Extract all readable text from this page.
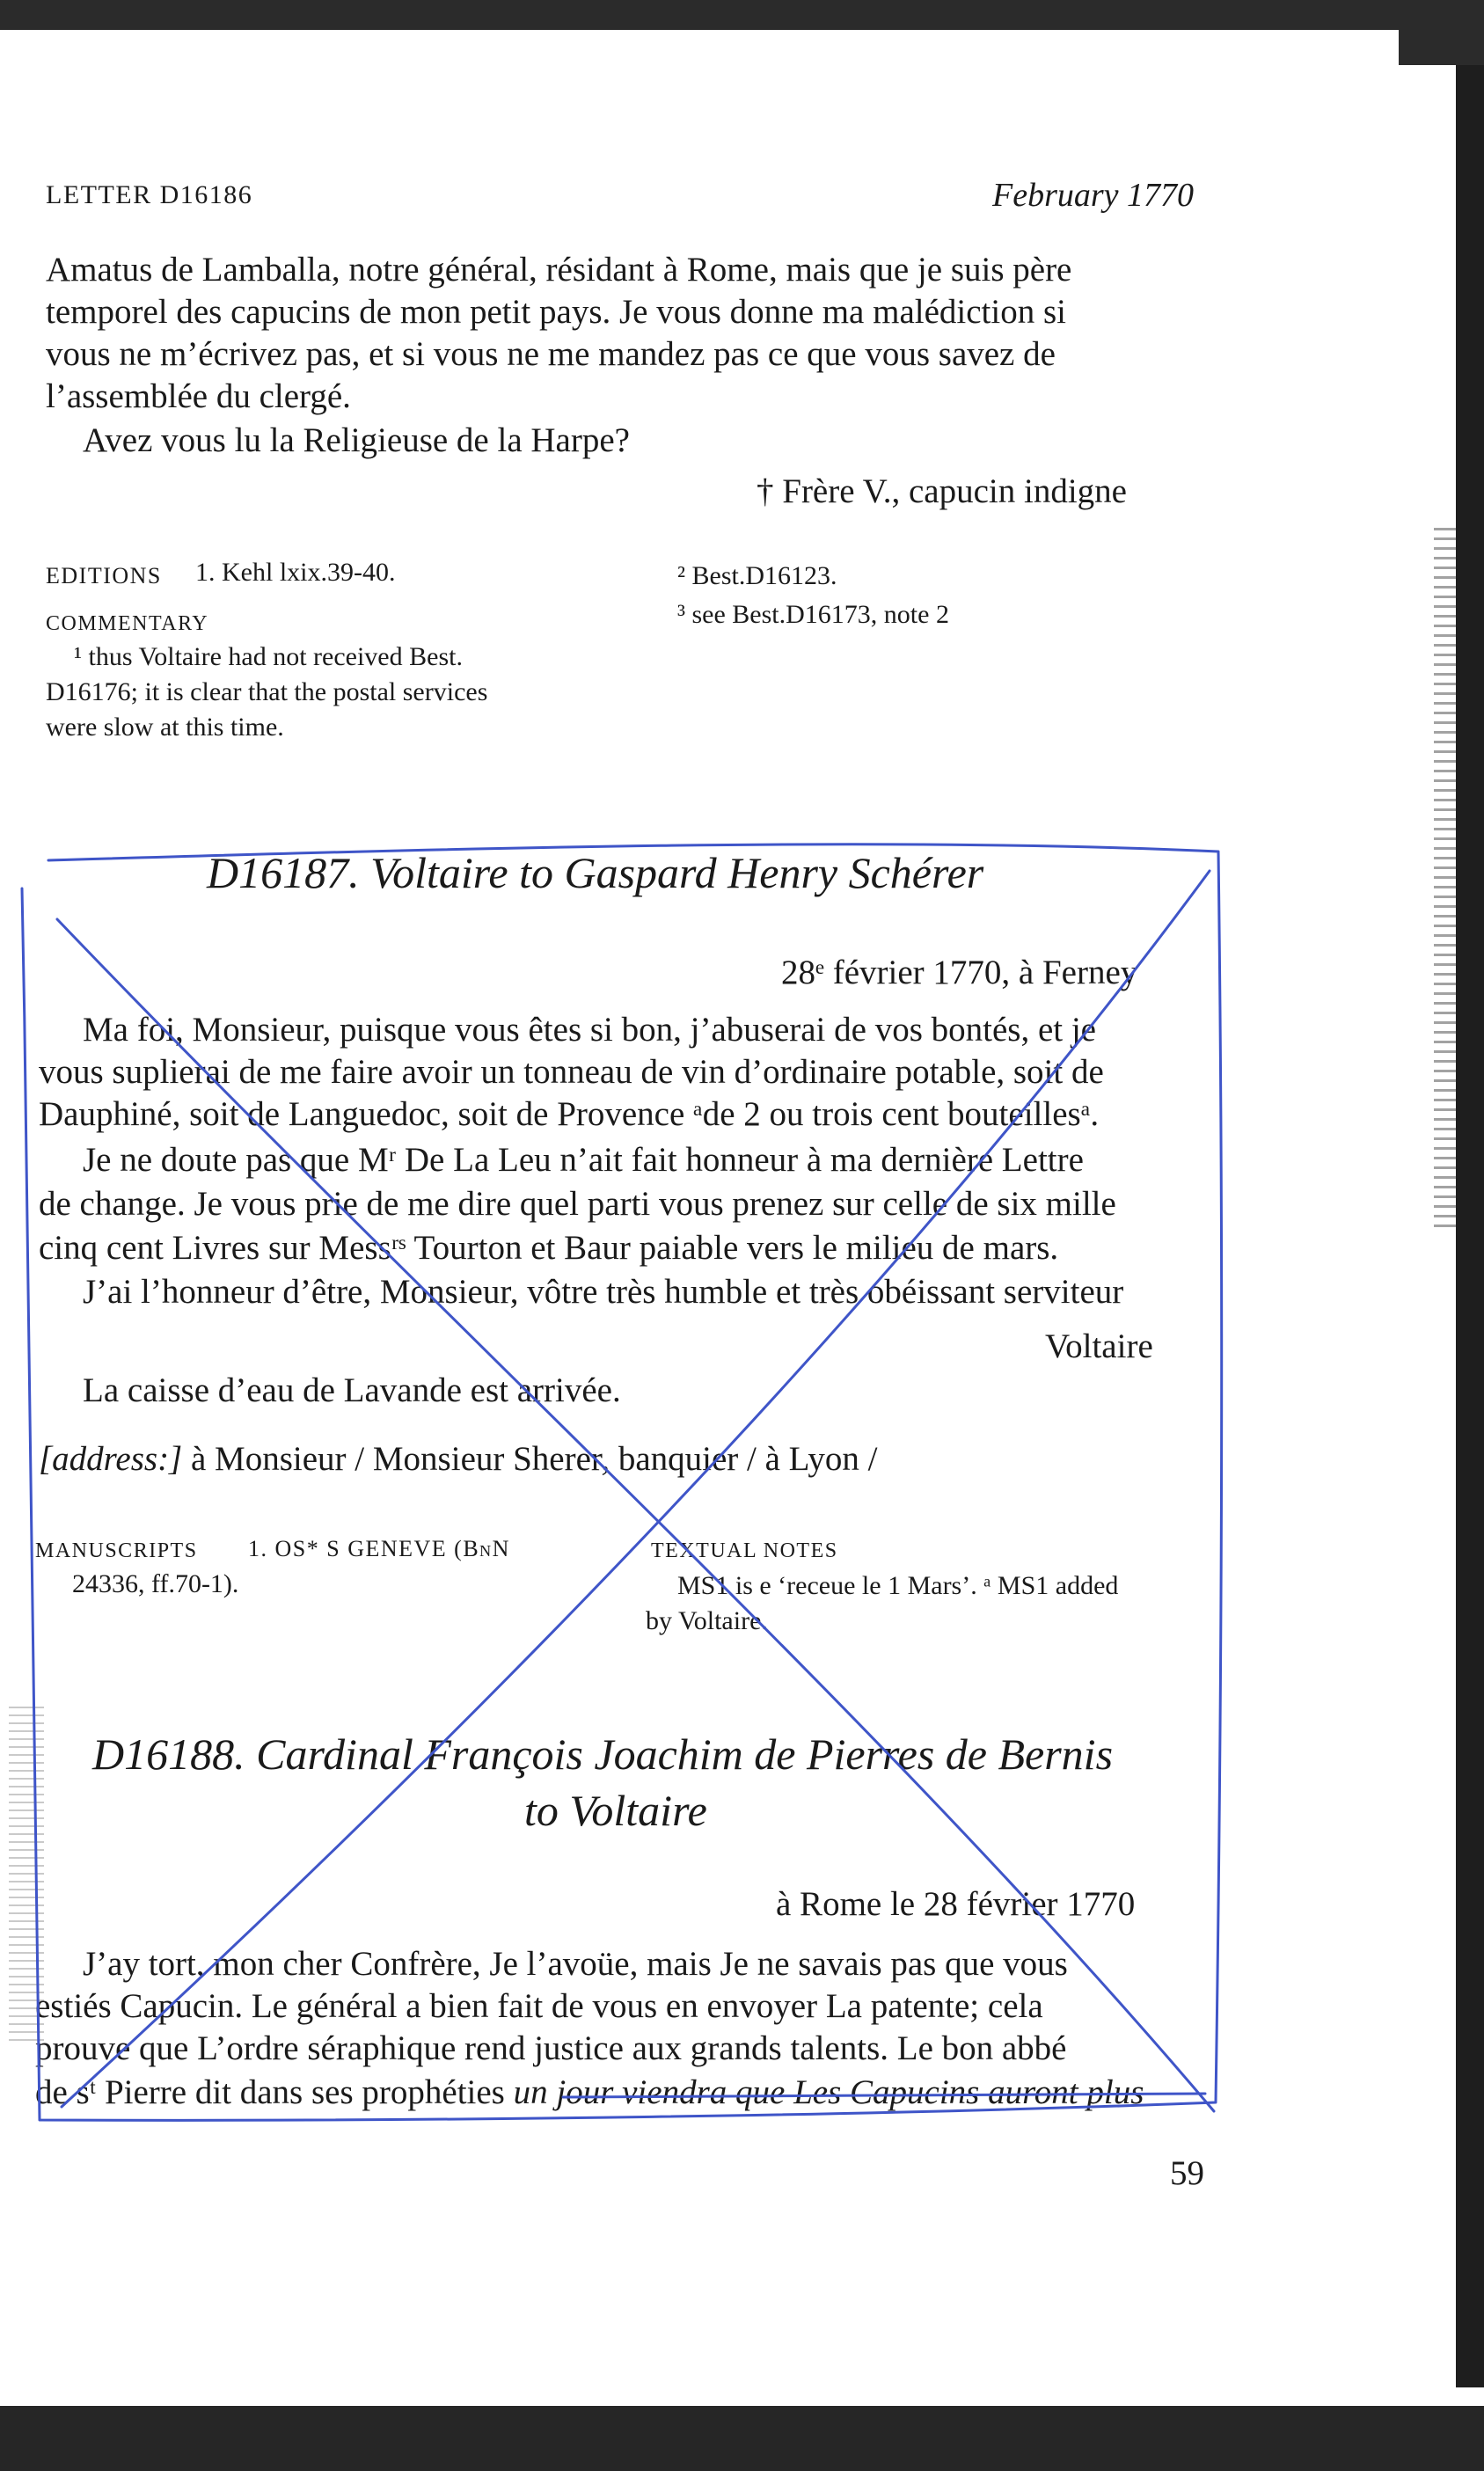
LETTER D16186	February 1770
Amatus de Lamballa, notre général, résidant à Rome, mais que je suis père
temporel des capucins de mon petit pays. Je vous donne ma malédiction si
vous ne m’écrivez pas, et si vous ne me mandez pas ce que vous savez de
l’assemblée du clergé.
Avez vous lu la Religieuse de la Harpe?
† Frère V., capucin indigne
EDITIONS 1. Kehl lxix.39-40.
COMMENTARY
¹ thus Voltaire had not received Best.
D16176; it is clear that the postal services
were slow at this time.
² Best.D16123.
³ see Best.D16173, note 2
D16187. Voltaire to Gaspard Henry Schérer
28ᵉ février 1770, à Ferney
Ma foi, Monsieur, puisque vous êtes si bon, j’abuserai de vos bontés, et je
vous suplierai de me faire avoir un tonneau de vin d’ordinaire potable, soit de
Dauphiné, soit de Languedoc, soit de Provence ᵃde 2 ou trois cent bouteillesᵃ.
Je ne doute pas que Mʳ De La Leu n’ait fait honneur à ma dernière Lettre
de change. Je vous prie de me dire quel parti vous prenez sur celle de six mille
cinq cent Livres sur Messʳˢ Tourton et Baur paiable vers le milieu de mars.
J’ai l’honneur d’être, Monsieur, vôtre très humble et très obéissant serviteur
Voltaire
La caisse d’eau de Lavande est arrivée.
[address:] à Monsieur / Monsieur Sherer, banquier / à Lyon /
MANUSCRIPTS 1. OS* S GENEVE (BnN
24336, ff.70-1).
TEXTUAL NOTES
MS1 is e ‘receue le 1 Mars’. ᵃ MS1 added
by Voltaire.
D16188. Cardinal François Joachim de Pierres de Bernis
to Voltaire
à Rome le 28 février 1770
J’ay tort, mon cher Confrère, Je l’avoüe, mais Je ne savais pas que vous
estiés Capucin. Le général a bien fait de vous en envoyer La patente; cela
prouve que L’ordre séraphique rend justice aux grands talents. Le bon abbé
de sᵗ Pierre dit dans ses prophéties un jour viendra que Les Capucins auront plus
59
